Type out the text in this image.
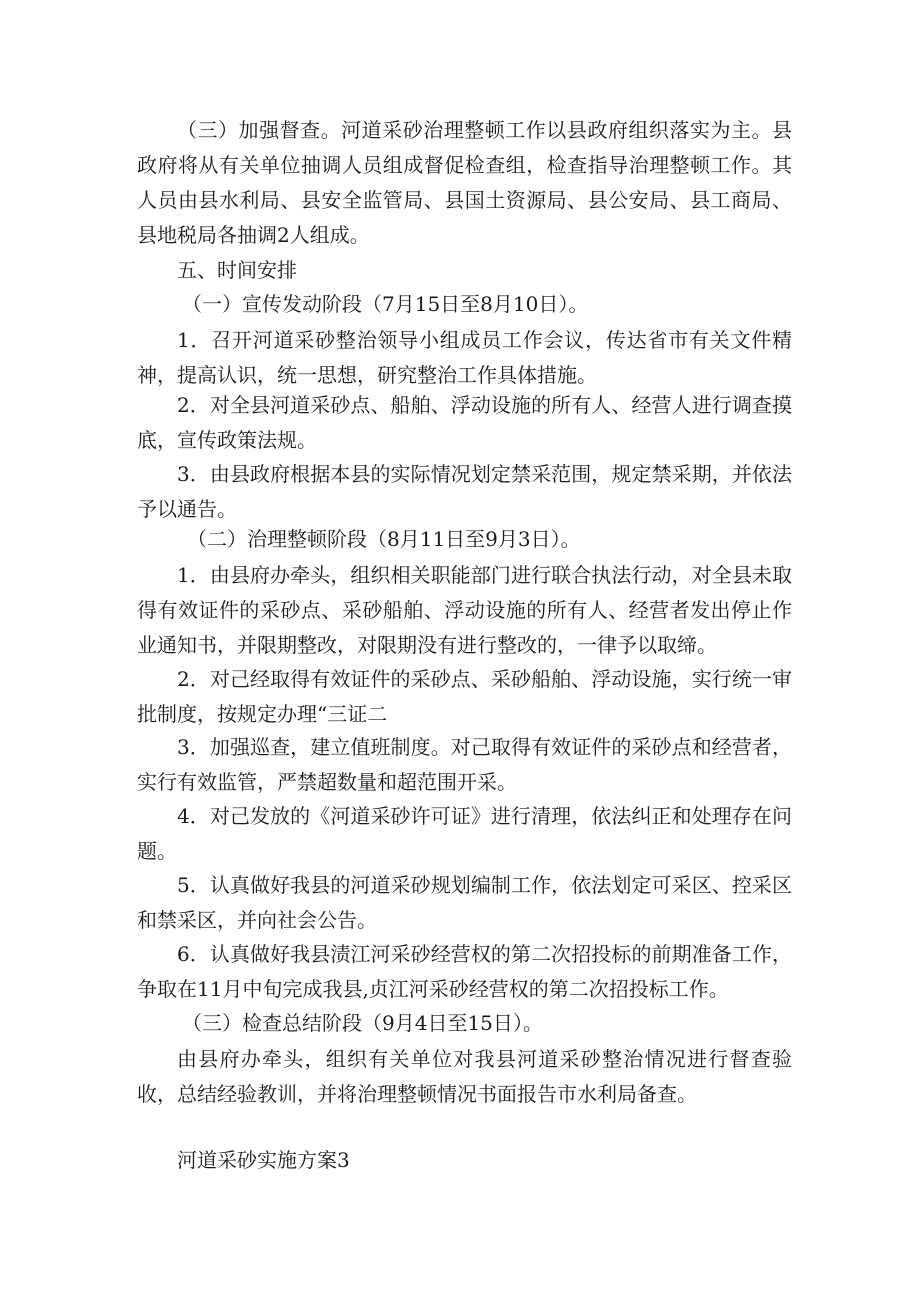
（三）加强督查。河道采砂治理整顿工作以县政府组织落实为主。县政府将从有关单位抽调人员组成督促检查组，检查指导治理整顿工作。其人员由县水利局、县安全监管局、县国土资源局、县公安局、县工商局、县地税局各抽调2人组成。

五、时间安排

（一）宣传发动阶段（7月15日至8月10日）。

1．召开河道采砂整治领导小组成员工作会议，传达省市有关文件精神，提高认识，统一思想，研究整治工作具体措施。

2．对全县河道采砂点、船舶、浮动设施的所有人、经营人进行调查摸底，宣传政策法规。

3．由县政府根据本县的实际情况划定禁采范围，规定禁采期，并依法予以通告。

（二）治理整顿阶段（8月11日至9月3日）。

1．由县府办牵头，组织相关职能部门进行联合执法行动，对全县未取得有效证件的采砂点、采砂船舶、浮动设施的所有人、经营者发出停止作业通知书，并限期整改，对限期没有进行整改的，一律予以取缔。

2．对己经取得有效证件的采砂点、采砂船舶、浮动设施，实行统一审批制度，按规定办理“三证二

3．加强巡查，建立值班制度。对己取得有效证件的采砂点和经营者，实行有效监管，严禁超数量和超范围开采。

4．对己发放的《河道采砂许可证》进行清理，依法纠正和处理存在问题。

5．认真做好我县的河道采砂规划编制工作，依法划定可采区、控采区和禁采区，并向社会公告。

6．认真做好我县渍江河采砂经营权的第二次招投标的前期准备工作，争取在11月中旬完成我县,贞江河采砂经营权的第二次招投标工作。

（三）检查总结阶段（9月4日至15日）。

由县府办牵头，组织有关单位对我县河道采砂整治情况进行督查验收，总结经验教训，并将治理整顿情况书面报告市水利局备查。

河道采砂实施方案3
